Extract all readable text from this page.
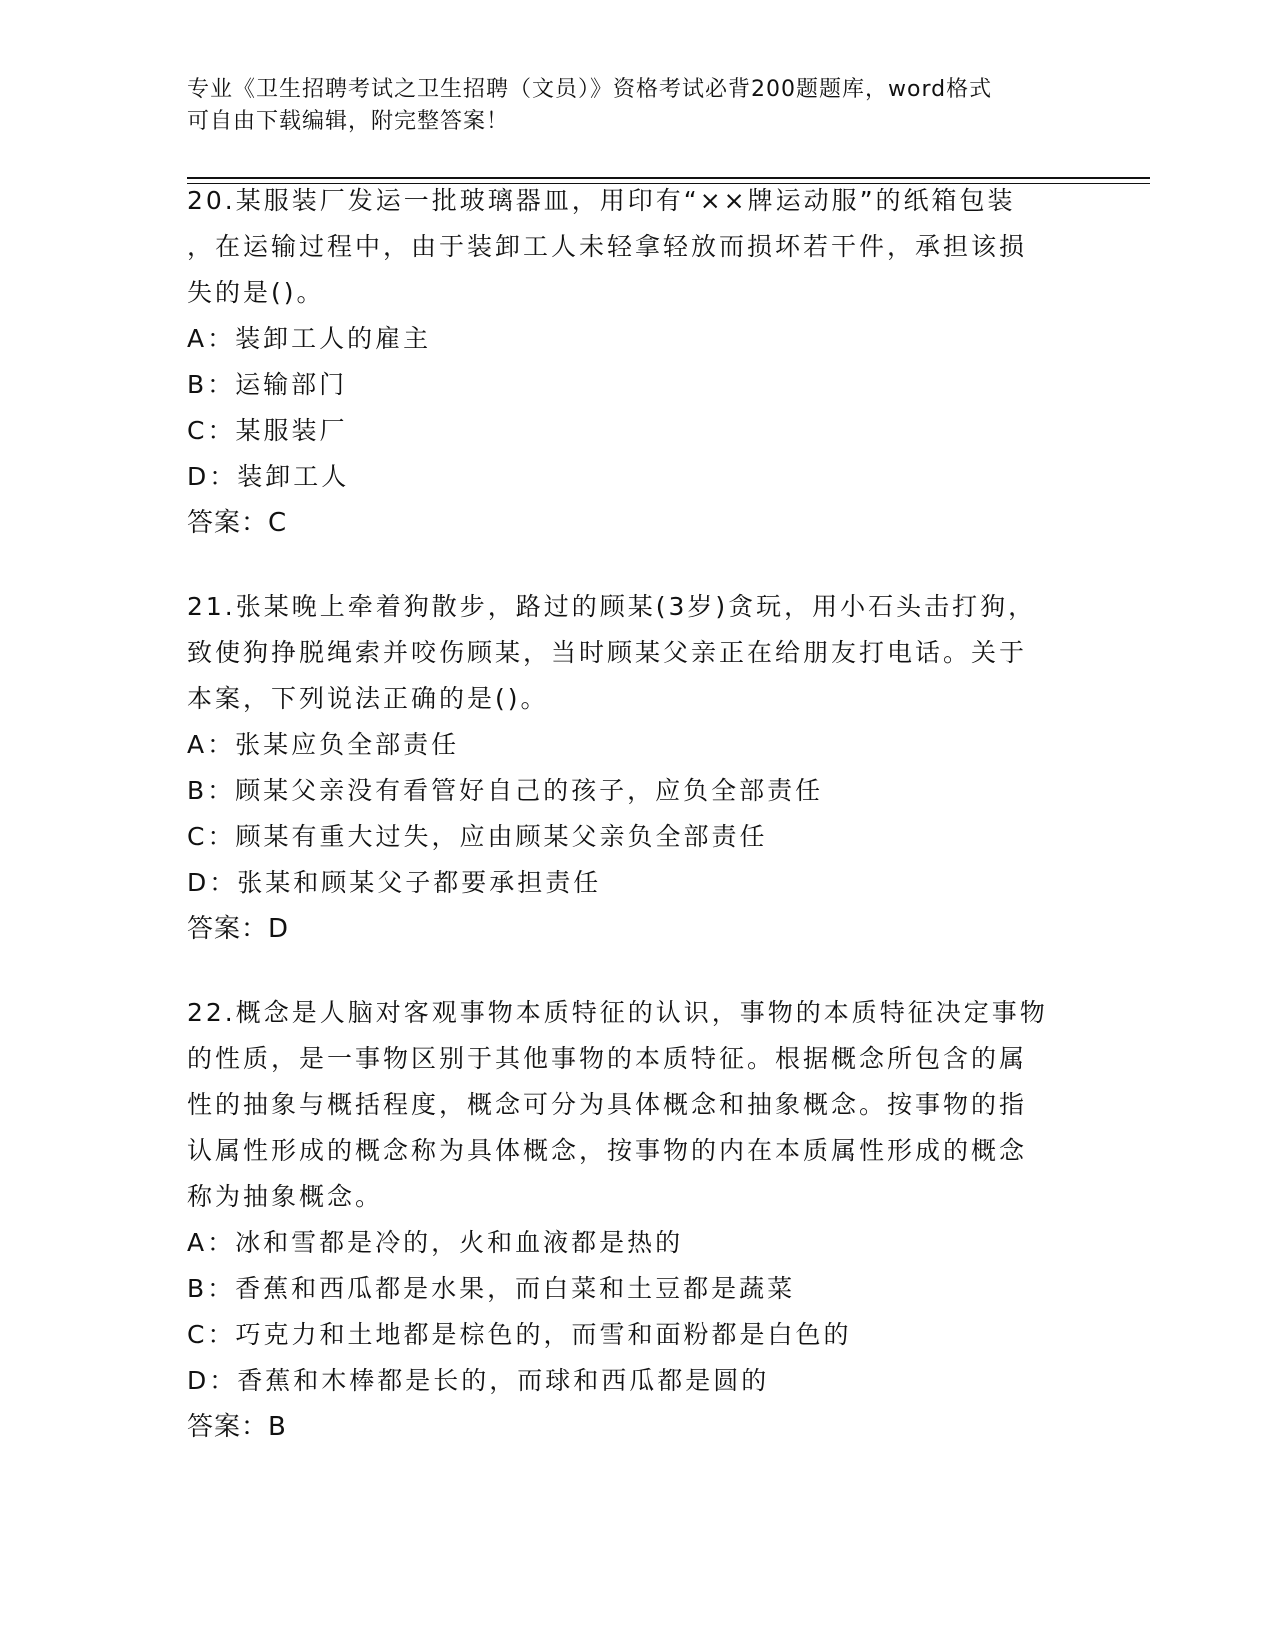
专业《卫生招聘考试之卫生招聘（文员）》资格考试必背200题题库，word格式
可自由下载编辑，附完整答案！
20.某服装厂发运一批玻璃器皿，用印有“××牌运动服”的纸箱包装
，在运输过程中，由于装卸工人未轻拿轻放而损坏若干件，承担该损
失的是()。
A：装卸工人的雇主
B：运输部门
C：某服装厂
D：装卸工人
答案：C
21.张某晚上牵着狗散步，路过的顾某(3岁)贪玩，用小石头击打狗，
致使狗挣脱绳索并咬伤顾某，当时顾某父亲正在给朋友打电话。关于
本案，下列说法正确的是()。
A：张某应负全部责任
B：顾某父亲没有看管好自己的孩子，应负全部责任
C：顾某有重大过失，应由顾某父亲负全部责任
D：张某和顾某父子都要承担责任
答案：D
22.概念是人脑对客观事物本质特征的认识，事物的本质特征决定事物
的性质，是一事物区别于其他事物的本质特征。根据概念所包含的属
性的抽象与概括程度，概念可分为具体概念和抽象概念。按事物的指
认属性形成的概念称为具体概念，按事物的内在本质属性形成的概念
称为抽象概念。
A：冰和雪都是冷的，火和血液都是热的
B：香蕉和西瓜都是水果，而白菜和土豆都是蔬菜
C：巧克力和土地都是棕色的，而雪和面粉都是白色的
D：香蕉和木棒都是长的，而球和西瓜都是圆的
答案：B
